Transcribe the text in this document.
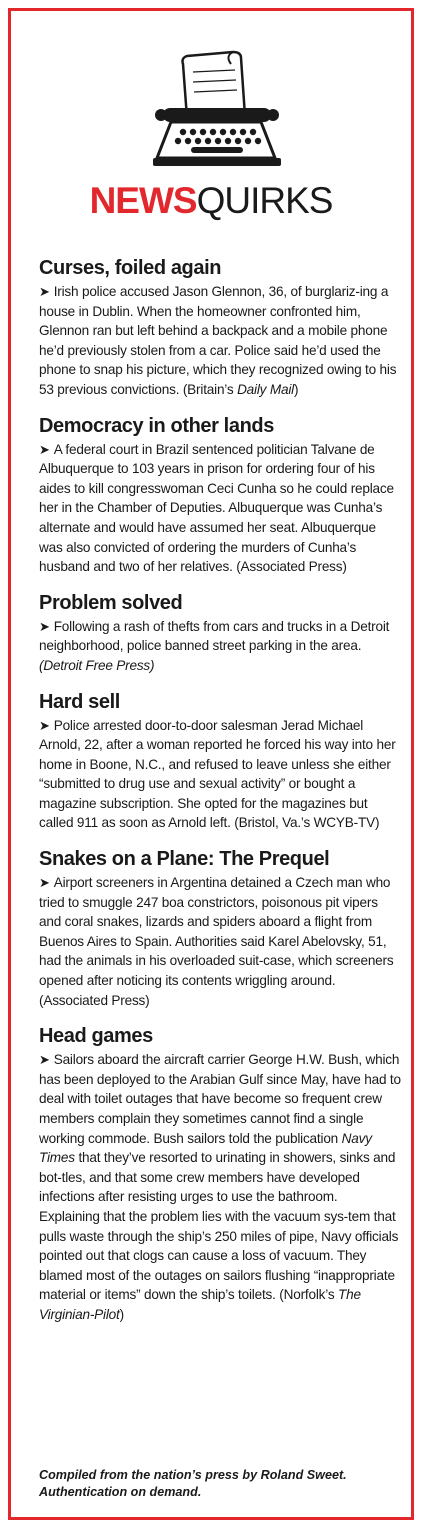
NEWSQUIRKS
Curses, foiled again

➤ Irish police accused Jason Glennon, 36, of burglariz-ing a house in Dublin. When the homeowner confronted him, Glennon ran but left behind a backpack and a mobile phone he’d previously stolen from a car. Police said he’d used the phone to snap his picture, which they recognized owing to his 53 previous convictions. (Britain’s Daily Mail)

Democracy in other lands

➤ A federal court in Brazil sentenced politician Talvane de Albuquerque to 103 years in prison for ordering four of his aides to kill congresswoman Ceci Cunha so he could replace her in the Chamber of Deputies. Albuquerque was Cunha’s alternate and would have assumed her seat. Albuquerque was also convicted of ordering the murders of Cunha’s husband and two of her relatives. (Associated Press)

Problem solved

➤ Following a rash of thefts from cars and trucks in a Detroit neighborhood, police banned street parking in the area. (Detroit Free Press)

Hard sell

➤ Police arrested door-to-door salesman Jerad Michael Arnold, 22, after a woman reported he forced his way into her home in Boone, N.C., and refused to leave unless she either “submitted to drug use and sexual activity” or bought a magazine subscription. She opted for the magazines but called 911 as soon as Arnold left. (Bristol, Va.’s WCYB-TV)

Snakes on a Plane: The Prequel

➤ Airport screeners in Argentina detained a Czech man who tried to smuggle 247 boa constrictors, poisonous pit vipers and coral snakes, lizards and spiders aboard a flight from Buenos Aires to Spain. Authorities said Karel Abelovsky, 51, had the animals in his overloaded suit-case, which screeners opened after noticing its contents wriggling around. (Associated Press)

Head games

➤ Sailors aboard the aircraft carrier George H.W. Bush, which has been deployed to the Arabian Gulf since May, have had to deal with toilet outages that have become so frequent crew members complain they sometimes cannot find a single working commode. Bush sailors told the publication Navy Times that they’ve resorted to urinating in showers, sinks and bot-tles, and that some crew members have developed infections after resisting urges to use the bathroom. Explaining that the problem lies with the vacuum sys-tem that pulls waste through the ship’s 250 miles of pipe, Navy officials pointed out that clogs can cause a loss of vacuum. They blamed most of the outages on sailors flushing “inappropriate material or items” down the ship’s toilets. (Norfolk’s The Virginian-Pilot)

Compiled from the nation’s press by Roland Sweet.
Authentication on demand.
